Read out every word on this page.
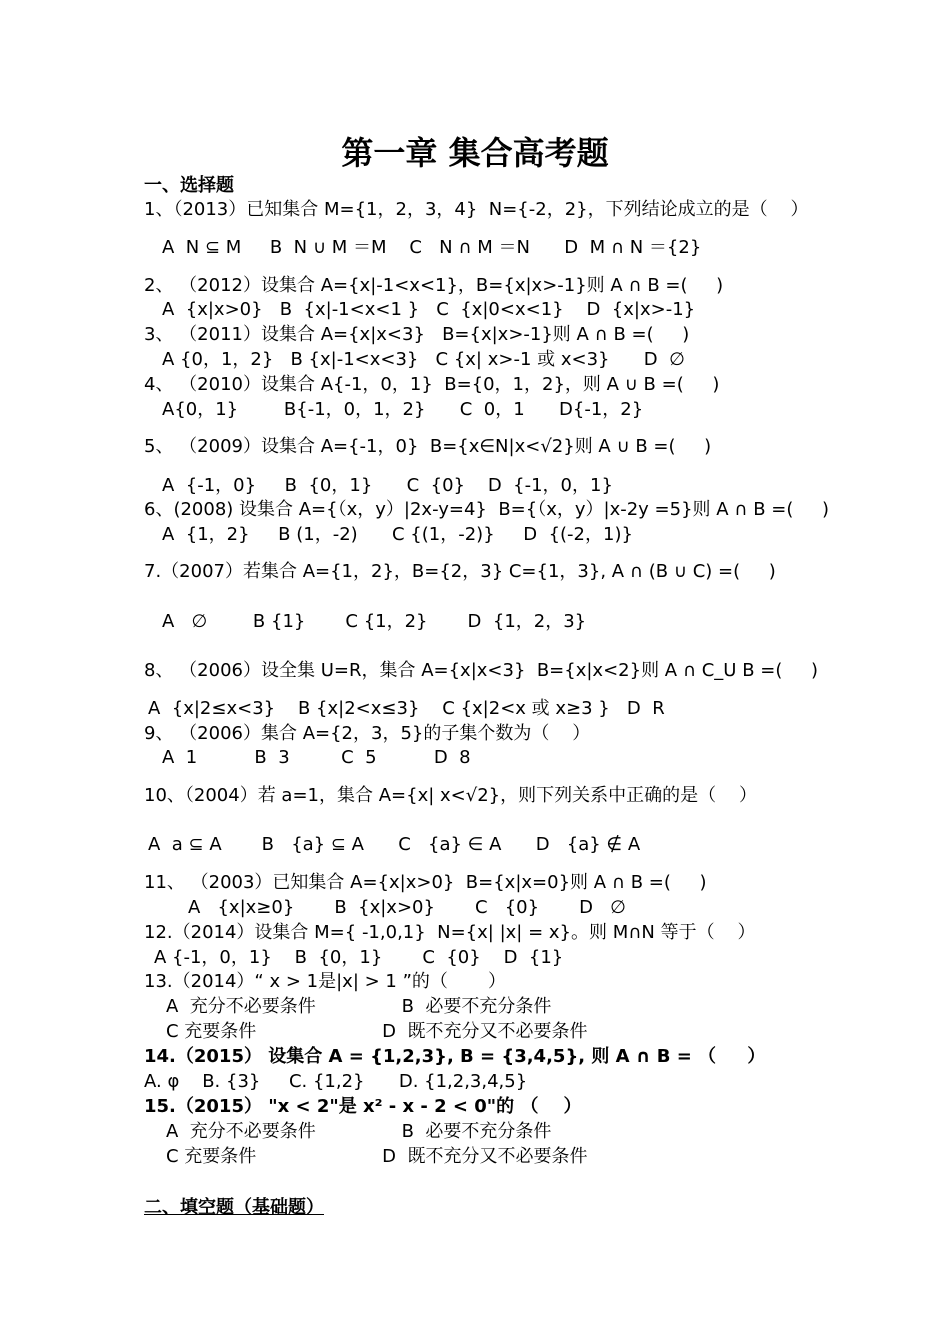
第一章 集合高考题
一、选择题
1、（2013）已知集合 M={1，2，3，4}  N={-2，2}，下列结论成立的是（    ）
A  N ⊆ M     B  N ∪ M ＝M    C   N ∩ M ＝N      D  M ∩ N ＝{2}
2、 （2012）设集合 A={x|-1<x<1}，B={x|x>-1}则 A ∩ B =(     )
A  {x|x>0}   B  {x|-1<x<1 }   C  {x|0<x<1}    D  {x|x>-1}
3、 （2011）设集合 A={x|x<3}   B={x|x>-1}则 A ∩ B =(     )
A {0，1，2}   B {x|-1<x<3}   C {x| x>-1 或 x<3}      D  ∅
4、 （2010）设集合 A{-1，0，1}  B={0，1，2}，则 A ∪ B =(     )
A{0，1}        B{-1，0，1，2}      C  0，1      D{-1，2}
5、 （2009）设集合 A={-1，0}  B={x∈N|x<√2}则 A ∪ B =(     )
A  {-1，0}     B  {0，1}      C  {0}    D  {-1，0，1}
6、(2008) 设集合 A={（x，y）|2x-y=4}  B={（x，y）|x-2y =5}则 A ∩ B =(     )
A  {1，2}     B (1，-2)      C {(1，-2)}     D  {(-2，1)}
7.（2007）若集合 A={1，2}，B={2，3} C={1，3}, A ∩ (B ∪ C) =(     )
A   ∅        B {1}       C {1，2}       D  {1，2，3}
8、 （2006）设全集 U=R，集合 A={x|x<3}  B={x|x<2}则 A ∩ C_U B =(     )
A  {x|2≤x<3}    B {x|2<x≤3}    C {x|2<x 或 x≥3 }   D  R
9、 （2006）集合 A={2，3，5}的子集个数为（    ）
A  1          B  3         C  5          D  8
10、（2004）若 a=1，集合 A={x| x<√2}，则下列关系中正确的是（    ）
A  a ⊆ A       B   {a} ⊆ A      C   {a} ∈ A      D   {a} ∉ A
11、 （2003）已知集合 A={x|x>0}  B={x|x=0}则 A ∩ B =(     )
A   {x|x≥0}       B  {x|x>0}       C   {0}       D   ∅
12.（2014）设集合 M={ -1,0,1}  N={x| |x| = x}。则 M∩N 等于（    ）
A {-1，0，1}    B  {0，1}       C  {0}    D  {1}
13.（2014）“ x > 1是|x| > 1 ”的（       ）
A  充分不必要条件               B  必要不充分条件
C 充要条件                      D  既不充分又不必要条件
14.（2015） 设集合 A = {1,2,3}, B = {3,4,5}, 则 A ∩ B = （     ）
A. φ    B. {3}     C. {1,2}      D. {1,2,3,4,5}
15.（2015） "x < 2"是 x² - x - 2 < 0"的 （    ）
A  充分不必要条件               B  必要不充分条件
C 充要条件                      D  既不充分又不必要条件
二、填空题（基础题）
